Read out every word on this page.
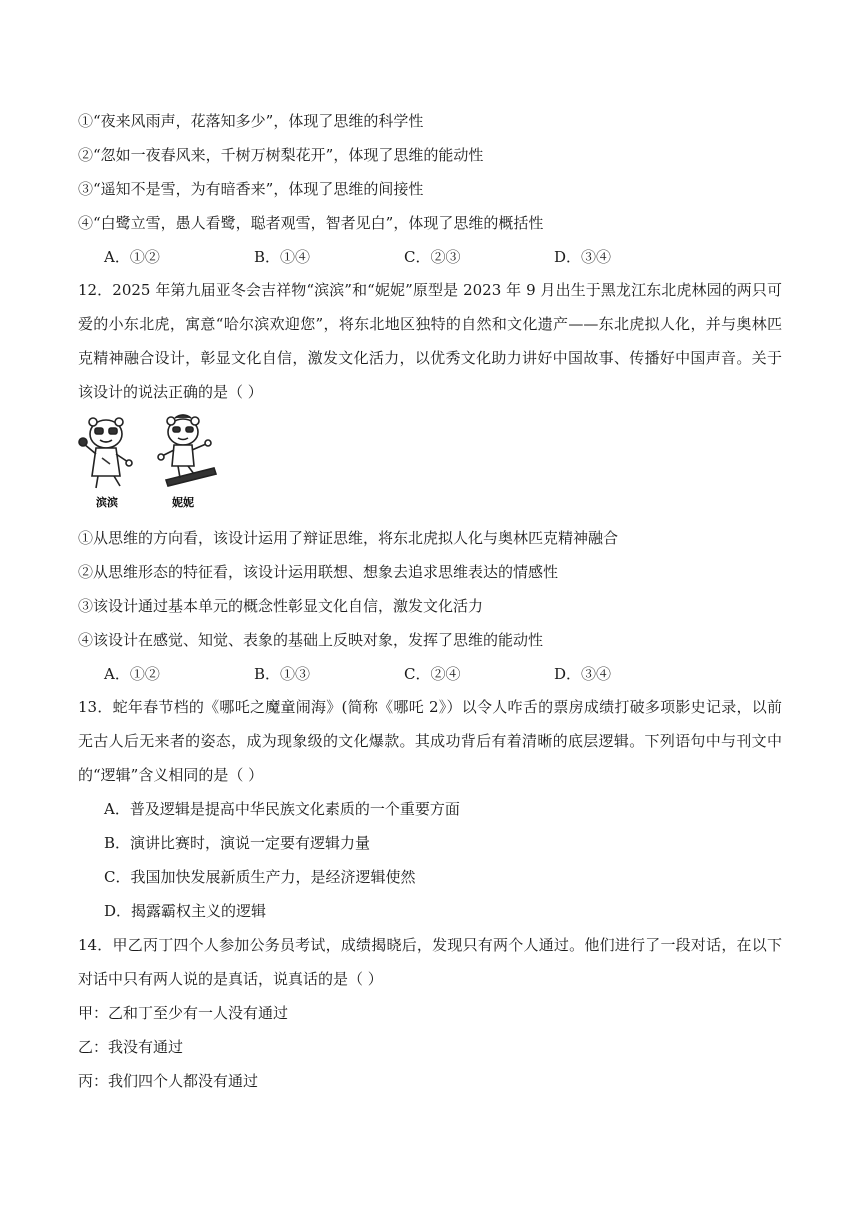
①“夜来风雨声，花落知多少”，体现了思维的科学性
②“忽如一夜春风来，千树万树梨花开”，体现了思维的能动性
③“遥知不是雪，为有暗香来”，体现了思维的间接性
④“白鹭立雪，愚人看鹭，聪者观雪，智者见白”，体现了思维的概括性
A．①②	B．①④	C．②③	D．③④
12．2025 年第九届亚冬会吉祥物“滨滨”和“妮妮”原型是 2023 年 9 月出生于黑龙江东北虎林园的两只可爱的小东北虎，寓意“哈尔滨欢迎您”，将东北地区独特的自然和文化遗产——东北虎拟人化，并与奥林匹克精神融合设计，彰显文化自信，激发文化活力，以优秀文化助力讲好中国故事、传播好中国声音。关于该设计的说法正确的是（ ）
滨滨	妮妮
①从思维的方向看，该设计运用了辩证思维，将东北虎拟人化与奥林匹克精神融合
②从思维形态的特征看，该设计运用联想、想象去追求思维表达的情感性
③该设计通过基本单元的概念性彰显文化自信，激发文化活力
④该设计在感觉、知觉、表象的基础上反映对象，发挥了思维的能动性
A．①②	B．①③	C．②④	D．③④
13．蛇年春节档的《哪吒之魔童闹海》(简称《哪吒 2》）以令人咋舌的票房成绩打破多项影史记录，以前无古人后无来者的姿态，成为现象级的文化爆款。其成功背后有着清晰的底层逻辑。下列语句中与刊文中的“逻辑”含义相同的是（ ）
A．普及逻辑是提高中华民族文化素质的一个重要方面
B．演讲比赛时，演说一定要有逻辑力量
C．我国加快发展新质生产力，是经济逻辑使然
D．揭露霸权主义的逻辑
14．甲乙丙丁四个人参加公务员考试，成绩揭晓后，发现只有两个人通过。他们进行了一段对话，在以下对话中只有两人说的是真话，说真话的是（ ）
甲：乙和丁至少有一人没有通过
乙：我没有通过
丙：我们四个人都没有通过
